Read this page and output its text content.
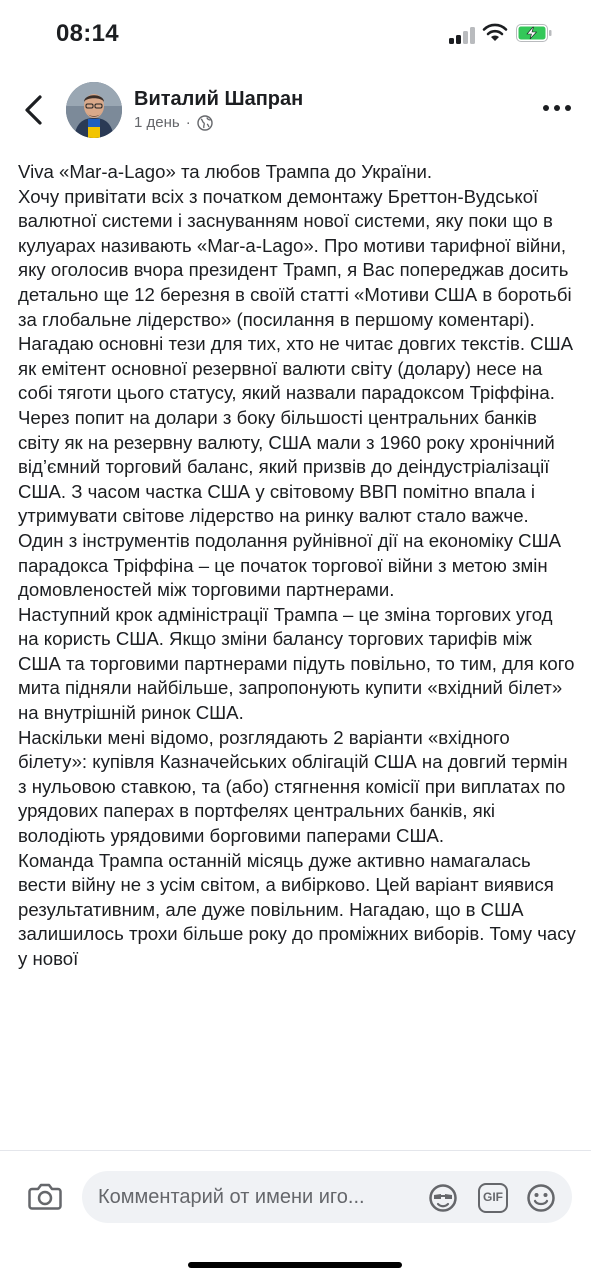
08:14
Виталий Шапран
1 день ·

Viva «Mar-a-Lago» та любов Трампа до України.

Хочу привітати всіх з початком демонтажу Бреттон-Вудської валютної системи і заснуванням нової системи, яку поки що в кулуарах називають «Mar-a-Lago». Про мотиви тарифної війни, яку оголосив вчора президент Трамп, я Вас попереджав досить детально ще 12 березня в своїй статті «Мотиви США в боротьбі за глобальне лідерство» (посилання в першому коментарі).

Нагадаю основні тези для тих, хто не читає довгих текстів. США як емітент основної резервної валюти світу (долару) несе на собі тяготи цього статусу, який назвали парадоксом Тріффіна. Через попит на долари з боку більшості центральних банків світу як на резервну валюту, США мали з 1960 року хронічний від’ємний торговий баланс, який призвів до деіндустріалізації США. З часом частка США у світовому ВВП помітно впала і утримувати світове лідерство на ринку валют стало важче.

Один з інструментів подолання руйнівної дії на економіку США парадокса Тріффіна – це початок торгової війни з метою змін домовленостей між торговими партнерами.

Наступний крок адміністрації Трампа – це зміна торгових угод на користь США. Якщо зміни балансу торгових тарифів між США та торговими партнерами підуть повільно, то тим, для кого мита підняли найбільше, запропонують купити «вхідний білет» на внутрішній ринок США.

Наскільки мені відомо, розглядають 2 варіанти «вхідного білету»: купівля Казначейських облігацій США на довгий термін з нульовою ставкою, та (або) стягнення комісії при виплатах по урядових паперах в портфелях центральних банків, які володіють урядовими борговими паперами США.

Команда Трампа останній місяць дуже активно намагалась вести війну не з усім світом, а вибірково. Цей варіант виявися результативним, але дуже повільним. Нагадаю, що в США залишилось трохи більше року до проміжних виборів. Тому часу у нової

Комментарий от имени иго...
GIF
